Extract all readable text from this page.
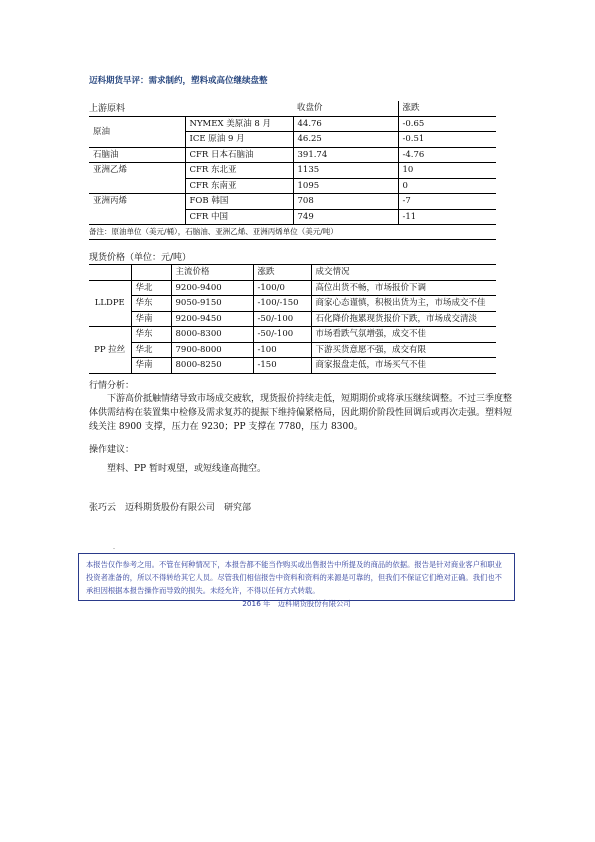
迈科期货早评：需求制约，塑料或高位继续盘整
上游原料		收盘价	涨跌
原油	NYMEX 美原油 8 月	44.76	-0.65
	ICE 原油 9 月	46.25	-0.51
石脑油	CFR 日本石脑油	391.74	-4.76
亚洲乙烯	CFR 东北亚	1135	10
	CFR 东南亚	1095	0
亚洲丙烯	FOB 韩国	708	-7
	CFR 中国	749	-11
备注：原油单位（美元/桶），石脑油、亚洲乙烯、亚洲丙烯单位（美元/吨）			
现货价格（单位：元/吨）
		主流价格	涨跌	成交情况
LLDPE	华北	9200-9400	-100/0	高位出货不畅，市场报价下调
	华东	9050-9150	-100/-150	商家心态谨慎，积极出货为主，市场成交不佳
	华南	9200-9450	-50/-100	石化降价拖累现货报价下跌，市场成交清淡
PP 拉丝	华东	8000-8300	-50/-100	市场看跌气氛增强，成交不佳
	华北	7900-8000	-100	下游买货意愿不强，成交有限
	华南	8000-8250	-150	商家报盘走低，市场买气不佳
行情分析：

下游高价抵触情绪导致市场成交疲软，现货报价持续走低，短期期价或将承压继续调整。不过三季度整体供需结构在装置集中检修及需求复苏的提振下维持偏紧格局，因此期价阶段性回调后或再次走强。塑料短线关注 8900 支撑，压力在 9230；PP 支撑在 7780，压力 8300。

操作建议：
塑料、PP 暂时观望，或短线逢高抛空。
张巧云　迈科期货股份有限公司　研究部
-
本报告仅作参考之用。不管在何种情况下，本报告都不能当作购买或出售报告中所提及的商品的依据。报告是针对商业客户和职业投资者准备的，所以不得转给其它人员。尽管我们相信报告中资料和资料的来源是可靠的，但我们不保证它们绝对正确。我们也不承担因根据本报告操作而导致的损失。未经允许，不得以任何方式转载。
2016 年　迈科期货股份有限公司
